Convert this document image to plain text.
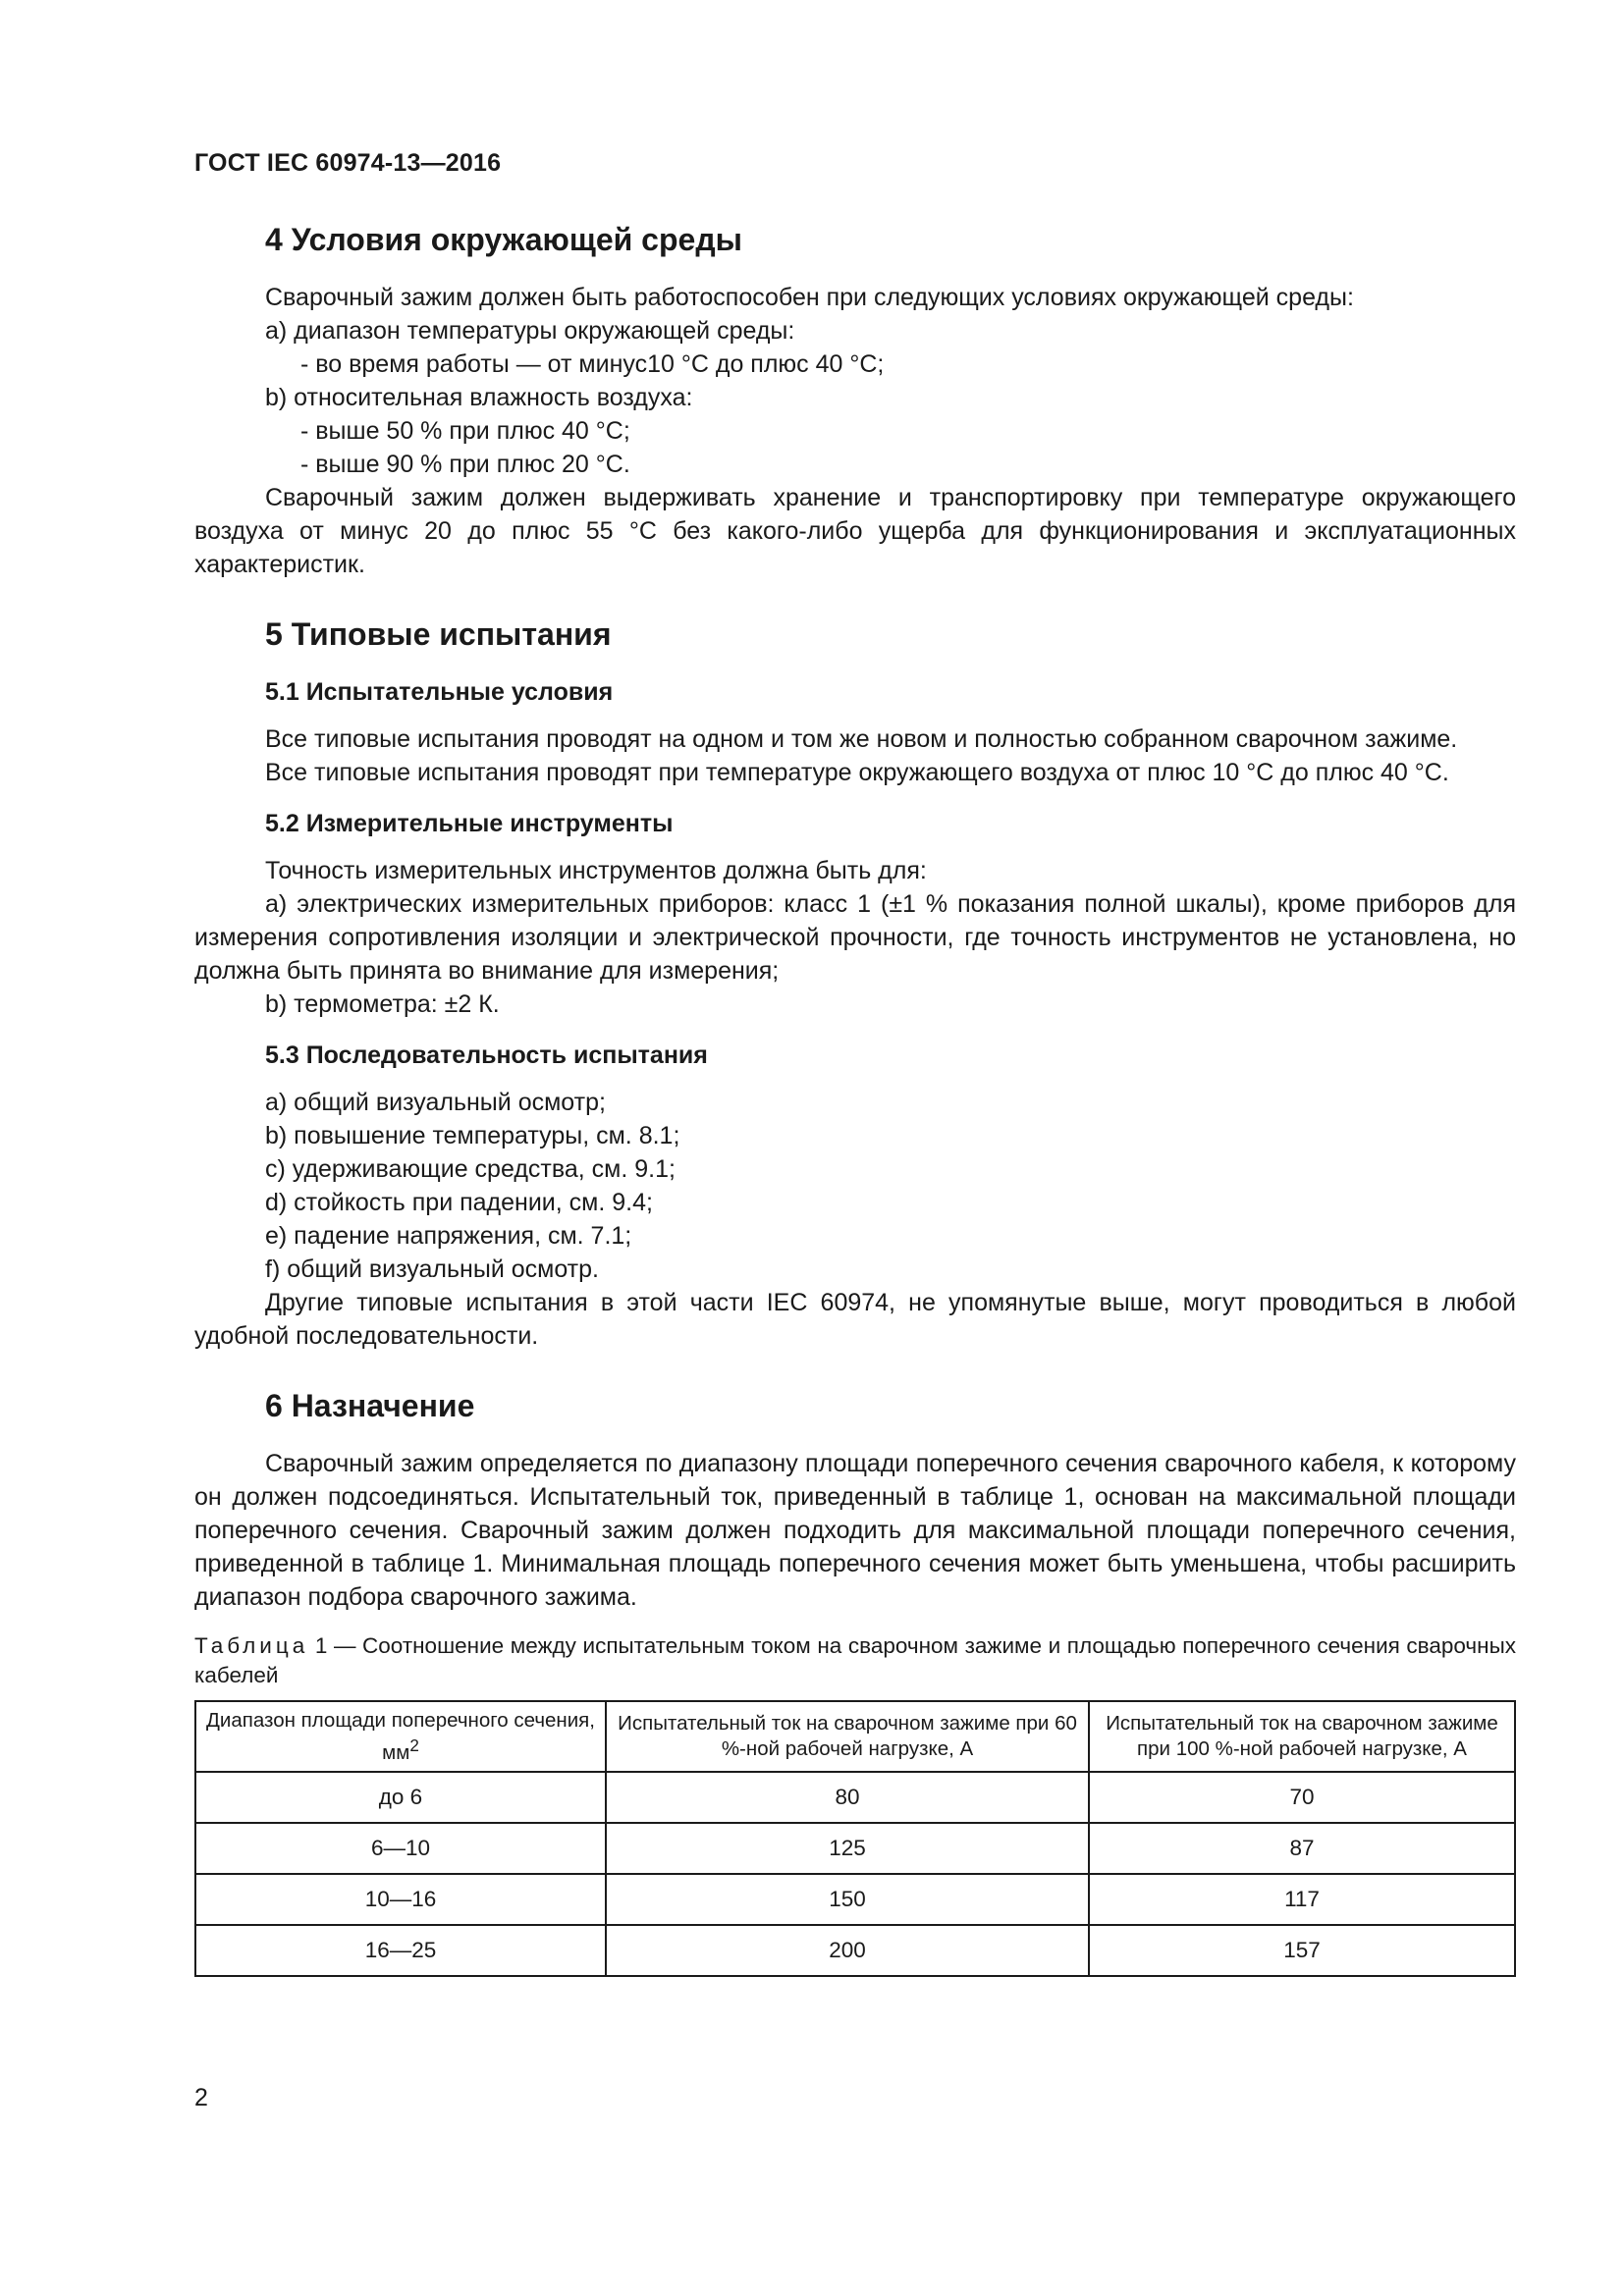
ГОСТ IEC 60974-13—2016
4 Условия окружающей среды

Сварочный зажим должен быть работоспособен при следующих условиях окружающей среды:

a) диапазон температуры окружающей среды:

- во время работы — от минус10 °С до плюс 40 °С;

b) относительная влажность воздуха:

- выше 50 % при плюс 40 °С;

- выше 90 % при плюс 20 °С.

Сварочный зажим должен выдерживать хранение и транспортировку при температуре окружающего воздуха от минус 20 до плюс 55 °С без какого-либо ущерба для функционирования и эксплуатационных характеристик.

5 Типовые испытания
5.1 Испытательные условия

Все типовые испытания проводят на одном и том же новом и полностью собранном сварочном зажиме.

Все типовые испытания проводят при температуре окружающего воздуха от плюс 10 °С до плюс 40 °С.

5.2 Измерительные инструменты

Точность измерительных инструментов должна быть для:

a) электрических измерительных приборов: класс 1 (±1 % показания полной шкалы), кроме приборов для измерения сопротивления изоляции и электрической прочности, где точность инструментов не установлена, но должна быть принята во внимание для измерения;

b) термометра: ±2 К.

5.3 Последовательность испытания

a) общий визуальный осмотр;

b) повышение температуры, см. 8.1;

c) удерживающие средства, см. 9.1;

d) стойкость при падении, см. 9.4;

e) падение напряжения, см. 7.1;

f) общий визуальный осмотр.

Другие типовые испытания в этой части IEC 60974, не упомянутые выше, могут проводиться в любой удобной последовательности.

6 Назначение

Сварочный зажим определяется по диапазону площади поперечного сечения сварочного кабеля, к которому он должен подсоединяться. Испытательный ток, приведенный в таблице 1, основан на максимальной площади поперечного сечения. Сварочный зажим должен подходить для максимальной площади поперечного сечения, приведенной в таблице 1. Минимальная площадь поперечного сечения может быть уменьшена, чтобы расширить диапазон подбора сварочного зажима.

Таблица 1 — Соотношение между испытательным током на сварочном зажиме и площадью поперечного сечения сварочных кабелей

Диапазон площади поперечного сечения, $мм^2$	Испытательный ток на сварочном зажиме при 60 %-ной рабочей нагрузке, А	Испытательный ток на сварочном зажиме при 100 %-ной рабочей нагрузке, А
до 6	80	70
6—10	125	87
10—16	150	117
16—25	200	157
2
